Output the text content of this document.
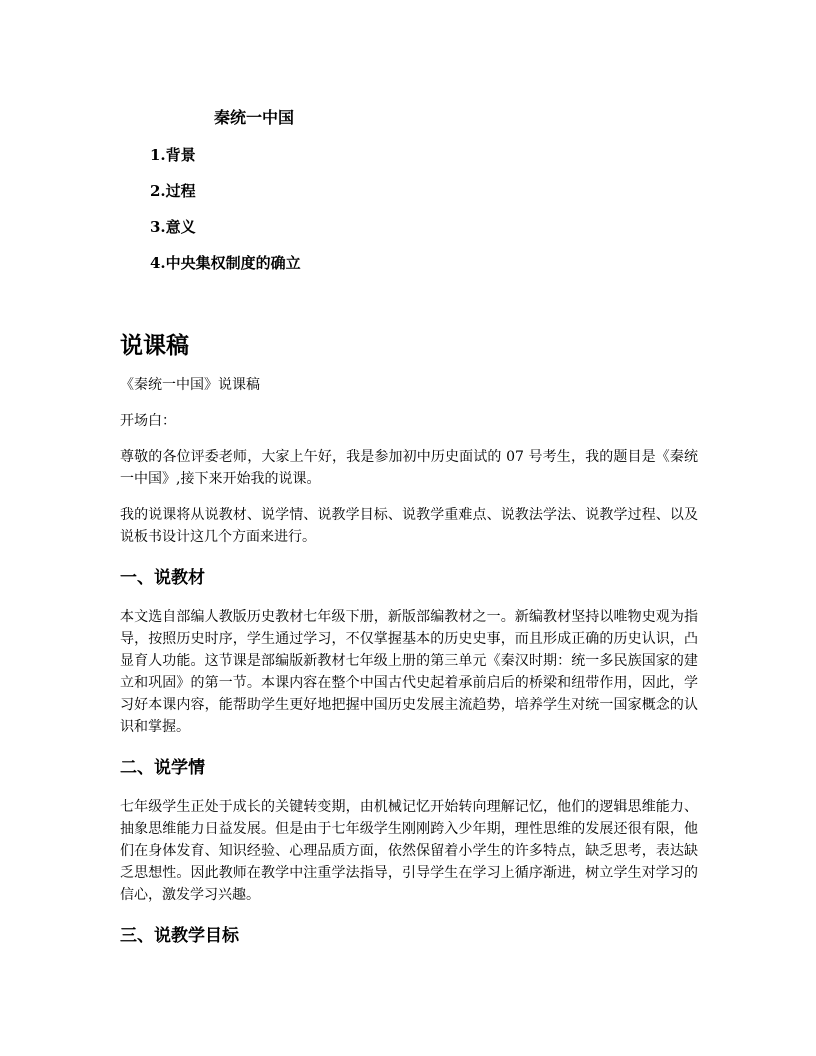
秦统一中国
1.背景
2.过程
3.意义
4.中央集权制度的确立
说课稿

《秦统一中国》说课稿

开场白：

尊敬的各位评委老师，大家上午好，我是参加初中历史面试的 07 号考生，我的题目是《秦统一中国》,接下来开始我的说课。

我的说课将从说教材、说学情、说教学目标、说教学重难点、说教法学法、说教学过程、以及说板书设计这几个方面来进行。

一、说教材

本文选自部编人教版历史教材七年级下册，新版部编教材之一。新编教材坚持以唯物史观为指导，按照历史时序，学生通过学习，不仅掌握基本的历史史事，而且形成正确的历史认识，凸显育人功能。这节课是部编版新教材七年级上册的第三单元《秦汉时期：统一多民族国家的建立和巩固》的第一节。本课内容在整个中国古代史起着承前启后的桥梁和纽带作用，因此，学习好本课内容，能帮助学生更好地把握中国历史发展主流趋势，培养学生对统一国家概念的认识和掌握。

二、说学情

七年级学生正处于成长的关键转变期，由机械记忆开始转向理解记忆，他们的逻辑思维能力、抽象思维能力日益发展。但是由于七年级学生刚刚跨入少年期，理性思维的发展还很有限，他们在身体发育、知识经验、心理品质方面，依然保留着小学生的许多特点，缺乏思考，表达缺乏思想性。因此教师在教学中注重学法指导，引导学生在学习上循序渐进，树立学生对学习的信心，激发学习兴趣。

三、说教学目标
